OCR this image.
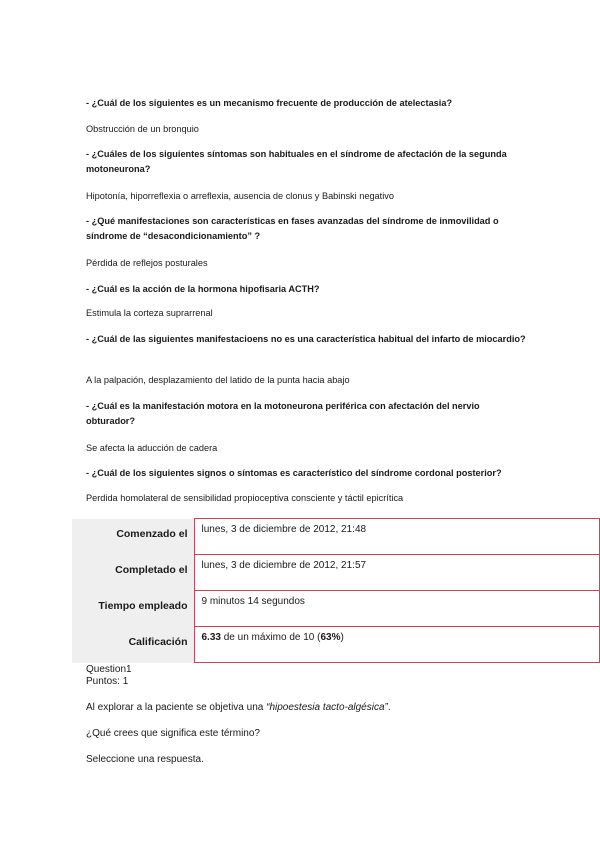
- ¿Cuál de los siguientes es un mecanismo frecuente de producción de atelectasia?

Obstrucción de un bronquio

- ¿Cuáles de los siguientes síntomas son habituales en el síndrome de afectación de la segunda motoneurona?

Hipotonía, hiporreflexia o arreflexia, ausencia de clonus y Babinski negativo

- ¿Qué manifestaciones son características en fases avanzadas del síndrome de inmovilidad o síndrome de “desacondicionamiento” ?

Pérdida de reflejos posturales

- ¿Cuál es la acción de la hormona hipofisaria ACTH?

Estimula la corteza suprarrenal

- ¿Cuál de las siguientes manifestacioens no es una característica habitual del infarto de miocardio?

A la palpación, desplazamiento del latido de la punta hacia abajo

- ¿Cuál es la manifestación motora en la motoneurona periférica con afectación del nervio obturador?

Se afecta la aducción de cadera

- ¿Cuál de los siguientes signos o síntomas es característico del síndrome cordonal posterior?

Perdida homolateral de sensibilidad propioceptiva consciente y táctil epicrítica

Comenzado el	lunes, 3 de diciembre de 2012, 21:48
Completado el	lunes, 3 de diciembre de 2012, 21:57
Tiempo empleado	9 minutos 14 segundos
Calificación	6.33 de un máximo de 10 (63%)

Question1

Puntos: 1

Al explorar a la paciente se objetiva una “hipoestesia tacto-algésica”.

¿Qué crees que significa este término?

Seleccione una respuesta.
